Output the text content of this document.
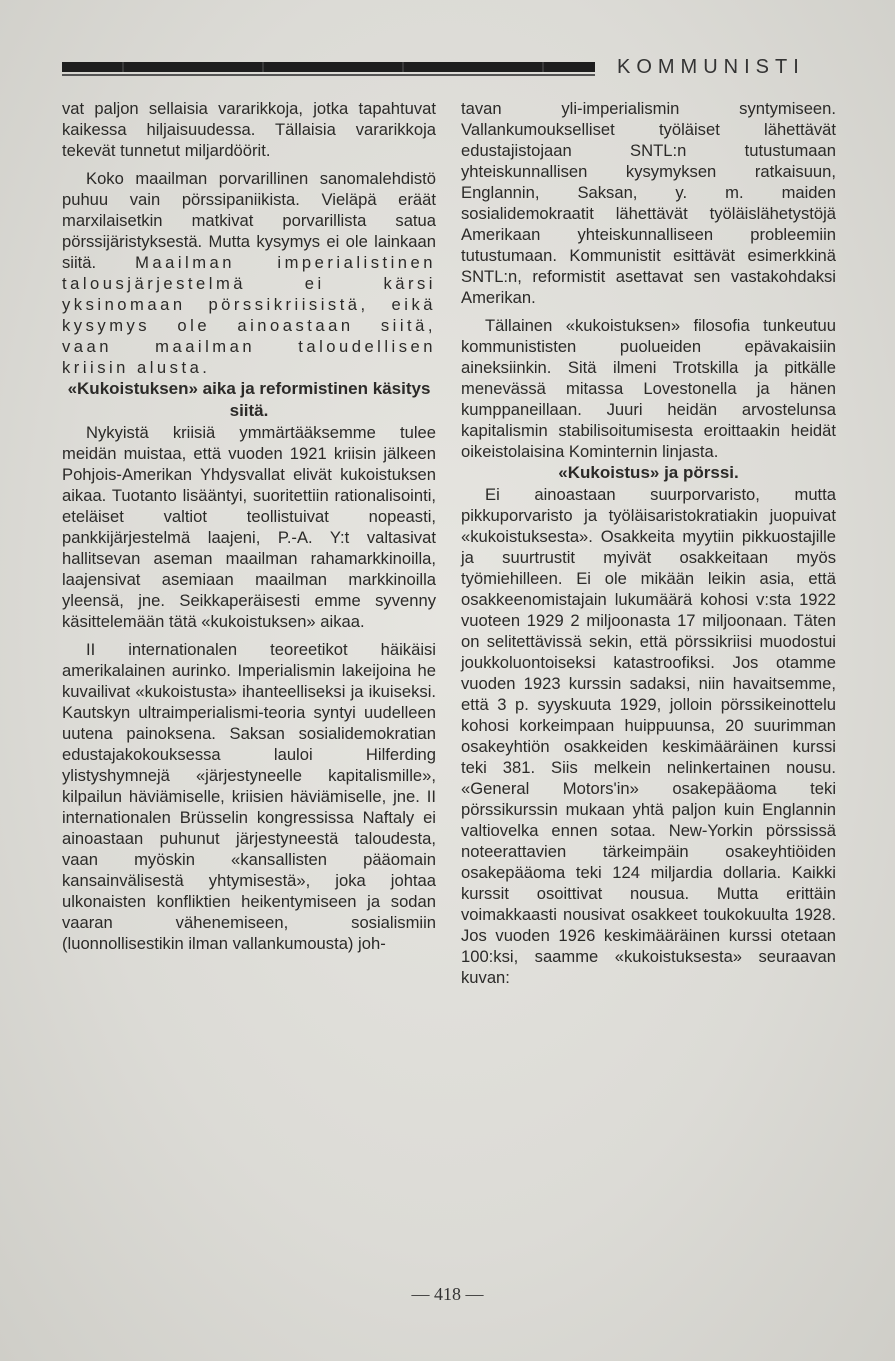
KOMMUNISTI

vat paljon sellaisia vararikkoja, jotka tapahtuvat kaikessa hiljaisuudessa. Tällaisia vararikkoja tekevät tunnetut miljardöörit.

Koko maailman porvarillinen sanomalehdistö puhuu vain pörssipaniikista. Vieläpä eräät marxilaisetkin matkivat porvarillista satua pörssijäristyksestä. Mutta kysymys ei ole lainkaan siitä. Maailman imperialistinen talousjärjestelmä ei kärsi yksinomaan pörssikriisistä, eikä kysymys ole ainoastaan siitä, vaan maailman taloudellisen kriisin alusta.

«Kukoistuksen» aika ja reformistinen käsitys siitä.

Nykyistä kriisiä ymmärtääksemme tulee meidän muistaa, että vuoden 1921 kriisin jälkeen Pohjois-Amerikan Yhdysvallat elivät kukoistuksen aikaa. Tuotanto lisääntyi, suoritettiin rationalisointi, eteläiset valtiot teollistuivat nopeasti, pankkijärjestelmä laajeni, P.-A. Y:t valtasivat hallitsevan aseman maailman rahamarkkinoilla, laajensivat asemiaan maailman markkinoilla yleensä, jne. Seikkaperäisesti emme syvenny käsittelemään tätä «kukoistuksen» aikaa.

II internationalen teoreetikot häikäisi amerikalainen aurinko. Imperialismin lakeijoina he kuvailivat «kukoistusta» ihanteelliseksi ja ikuiseksi. Kautskyn ultraimperialismi-teoria syntyi uudelleen uutena painoksena. Saksan sosialidemokratian edustajakokouksessa lauloi Hilferding ylistyshymnejä «järjestyneelle kapitalismille», kilpailun häviämiselle, kriisien häviämiselle, jne. II internationalen Brüsselin kongressissa Naftaly ei ainoastaan puhunut järjestyneestä taloudesta, vaan myöskin «kansallisten pääomain kansainvälisestä yhtymisestä», joka johtaa ulkonaisten konfliktien heikentymiseen ja sodan vaaran vähenemiseen, sosialismiin (luonnollisestikin ilman vallankumousta) joh-

tavan yli-imperialismin syntymiseen. Vallankumoukselliset työläiset lähettävät edustajistojaan SNTL:n tutustumaan yhteiskunnallisen kysymyksen ratkaisuun, Englannin, Saksan, y. m. maiden sosialidemokraatit lähettävät työläislähetystöjä Amerikaan yhteiskunnalliseen probleemiin tutustumaan. Kommunistit esittävät esimerkkinä SNTL:n, reformistit asettavat sen vastakohdaksi Amerikan.

Tällainen «kukoistuksen» filosofia tunkeutuu kommunististen puolueiden epävakaisiin aineksiinkin. Sitä ilmeni Trotskilla ja pitkälle menevässä mitassa Lovestonella ja hänen kumppaneillaan. Juuri heidän arvostelunsa kapitalismin stabilisoitumisesta eroittaakin heidät oikeistolaisina Kominternin linjasta.

«Kukoistus» ja pörssi.

Ei ainoastaan suurporvaristo, mutta pikkuporvaristo ja työläisaristokratiakin juopuivat «kukoistuksesta». Osakkeita myytiin pikkuostajille ja suurtrustit myivät osakkeitaan myös työmiehilleen. Ei ole mikään leikin asia, että osakkeenomistajain lukumäärä kohosi v:sta 1922 vuoteen 1929 2 miljoonasta 17 miljoonaan. Täten on selitettävissä sekin, että pörssikriisi muodostui joukkoluontoiseksi katastroofiksi. Jos otamme vuoden 1923 kurssin sadaksi, niin havaitsemme, että 3 p. syyskuuta 1929, jolloin pörssikeinottelu kohosi korkeimpaan huippuunsa, 20 suurimman osakeyhtiön osakkeiden keskimääräinen kurssi teki 381. Siis melkein nelinkertainen nousu. «General Motors'in» osakepääoma teki pörssikurssin mukaan yhtä paljon kuin Englannin valtiovelka ennen sotaa. New-Yorkin pörssissä noteerattavien tärkeimpäin osakeyhtiöiden osakepääoma teki 124 miljardia dollaria. Kaikki kurssit osoittivat nousua. Mutta erittäin voimakkaasti nousivat osakkeet toukokuulta 1928. Jos vuoden 1926 keskimääräinen kurssi otetaan 100:ksi, saamme «kukoistuksesta» seuraavan kuvan:

— 418 —
